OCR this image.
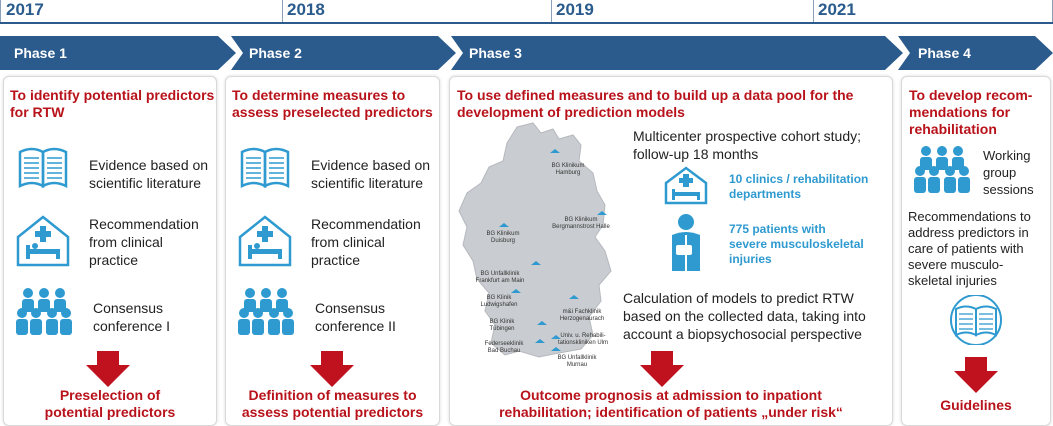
2017	2018	2019	2021
Phase 1	Phase 2	Phase 3	Phase 4
To identify potential predictors
for RTW
Evidence based on
scientific literature
Recommendation
from clinical
practice
Consensus
conference I
Preselection of
potential predictors
To determine measures to
assess preselected predictors
Evidence based on
scientific literature
Recommendation
from clinical
practice
Consensus
conference II
Definition of measures to
assess potential predictors
To use defined measures and to build up a data pool for the
development of prediction models
BG Klinikum
Hamburg
BG Klinikum
Bergmannstrost Halle
BG Klinikum
Duisburg
BG Unfallklinik
Frankfurt am Main
BG Klinik
Ludwigshafen
m&i Fachklinik
Herzogenaurach
BG Klinik
Tübingen
Univ. u. Rehabili-
tationskliniken Ulm
Federseeklinik
Bad Buchau
BG Unfallklinik
Murnau
Multicenter prospective cohort study;
follow-up 18 months
10 clinics / rehabilitation
departments
775 patients with
severe musculoskeletal
injuries
Calculation of models to predict RTW
based on the collected data, taking into
account a biopsychosocial perspective
Outcome prognosis at admission to inpationt
rehabilitation; identification of patients „under risk“
To develop recom-
mendations for
rehabilitation
Working
group
sessions
Recommendations to
address predictors in
care of patients with
severe musculo-
skeletal injuries
Guidelines
